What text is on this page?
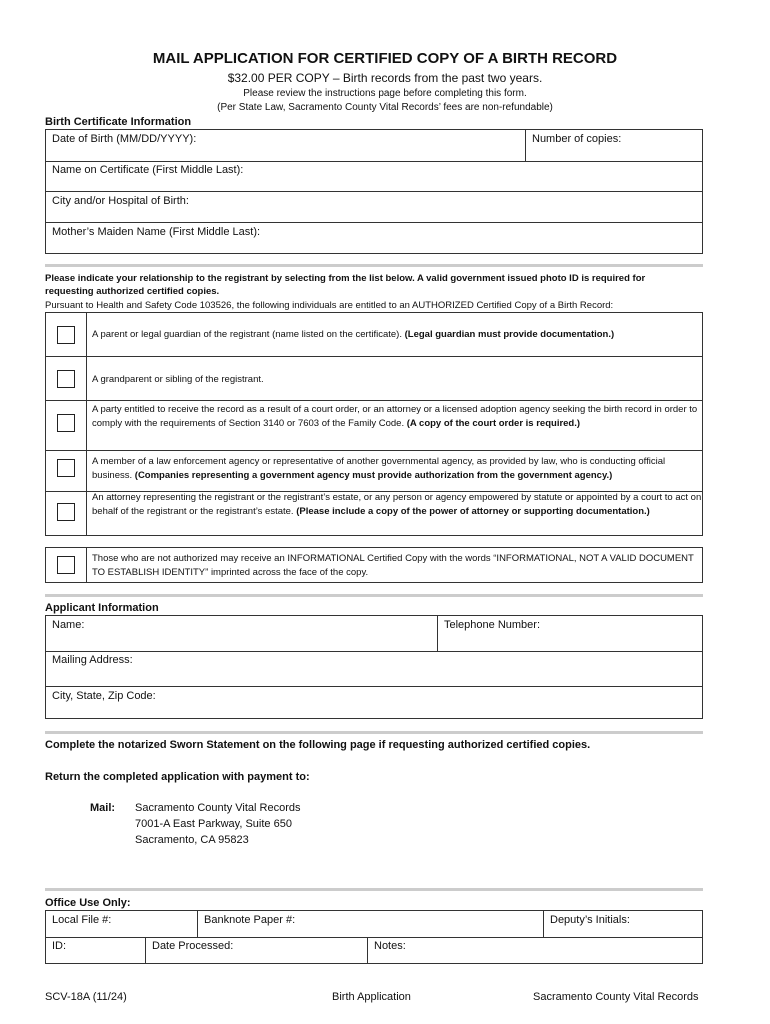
MAIL APPLICATION FOR CERTIFIED COPY OF A BIRTH RECORD
$32.00 PER COPY – Birth records from the past two years.
Please review the instructions page before completing this form.
(Per State Law, Sacramento County Vital Records’ fees are non-refundable)
Birth Certificate Information
Date of Birth (MM/DD/YYYY):	Number of copies:
Name on Certificate (First Middle Last):
City and/or Hospital of Birth:
Mother’s Maiden Name (First Middle Last):
Please indicate your relationship to the registrant by selecting from the list below. A valid government issued photo ID is required for requesting authorized certified copies.
Pursuant to Health and Safety Code 103526, the following individuals are entitled to an AUTHORIZED Certified Copy of a Birth Record:
A parent or legal guardian of the registrant (name listed on the certificate). (Legal guardian must provide documentation.)
A grandparent or sibling of the registrant.
A party entitled to receive the record as a result of a court order, or an attorney or a licensed adoption agency seeking the birth record in order to comply with the requirements of Section 3140 or 7603 of the Family Code. (A copy of the court order is required.)
A member of a law enforcement agency or representative of another governmental agency, as provided by law, who is conducting official business. (Companies representing a government agency must provide authorization from the government agency.)
An attorney representing the registrant or the registrant’s estate, or any person or agency empowered by statute or appointed by a court to act on behalf of the registrant or the registrant’s estate. (Please include a copy of the power of attorney or supporting documentation.)
Those who are not authorized may receive an INFORMATIONAL Certified Copy with the words “INFORMATIONAL, NOT A VALID DOCUMENT TO ESTABLISH IDENTITY” imprinted across the face of the copy.
Applicant Information
Name:	Telephone Number:
Mailing Address:
City, State, Zip Code:
Complete the notarized Sworn Statement on the following page if requesting authorized certified copies.
Return the completed application with payment to:
Mail: Sacramento County Vital Records
7001-A East Parkway, Suite 650
Sacramento, CA 95823
Office Use Only:
Local File #:	Banknote Paper #:	Deputy’s Initials:
ID:	Date Processed:	Notes:
SCV-18A (11/24)	Birth Application	Sacramento County Vital Records
